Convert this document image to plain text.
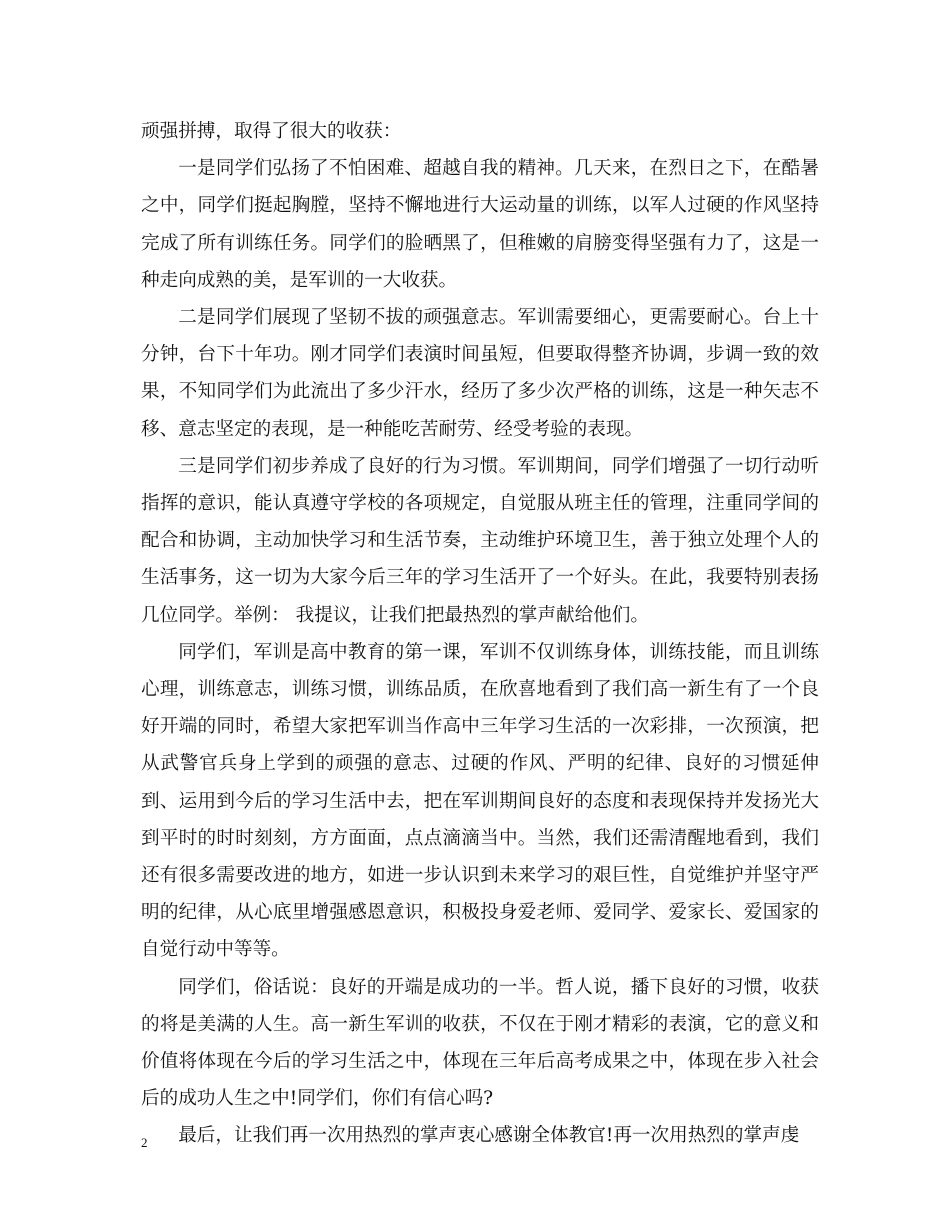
顽强拼搏，取得了很大的收获：

一是同学们弘扬了不怕困难、超越自我的精神。几天来，在烈日之下，在酷暑之中，同学们挺起胸膛，坚持不懈地进行大运动量的训练，以军人过硬的作风坚持完成了所有训练任务。同学们的脸晒黑了，但稚嫩的肩膀变得坚强有力了，这是一种走向成熟的美，是军训的一大收获。

二是同学们展现了坚韧不拔的顽强意志。军训需要细心，更需要耐心。台上十分钟，台下十年功。刚才同学们表演时间虽短，但要取得整齐协调，步调一致的效果，不知同学们为此流出了多少汗水，经历了多少次严格的训练，这是一种矢志不移、意志坚定的表现，是一种能吃苦耐劳、经受考验的表现。

三是同学们初步养成了良好的行为习惯。军训期间，同学们增强了一切行动听指挥的意识，能认真遵守学校的各项规定，自觉服从班主任的管理，注重同学间的配合和协调，主动加快学习和生活节奏，主动维护环境卫生，善于独立处理个人的生活事务，这一切为大家今后三年的学习生活开了一个好头。在此，我要特别表扬几位同学。举例： 我提议，让我们把最热烈的掌声献给他们。

同学们，军训是高中教育的第一课，军训不仅训练身体，训练技能，而且训练心理，训练意志，训练习惯，训练品质，在欣喜地看到了我们高一新生有了一个良好开端的同时，希望大家把军训当作高中三年学习生活的一次彩排，一次预演，把从武警官兵身上学到的顽强的意志、过硬的作风、严明的纪律、良好的习惯延伸到、运用到今后的学习生活中去，把在军训期间良好的态度和表现保持并发扬光大到平时的时时刻刻，方方面面，点点滴滴当中。当然，我们还需清醒地看到，我们还有很多需要改进的地方，如进一步认识到未来学习的艰巨性，自觉维护并坚守严明的纪律，从心底里增强感恩意识，积极投身爱老师、爱同学、爱家长、爱国家的自觉行动中等等。

同学们，俗话说：良好的开端是成功的一半。哲人说，播下良好的习惯，收获的将是美满的人生。高一新生军训的收获，不仅在于刚才精彩的表演，它的意义和价值将体现在今后的学习生活之中，体现在三年后高考成果之中，体现在步入社会后的成功人生之中!同学们，你们有信心吗?

最后，让我们再一次用热烈的掌声衷心感谢全体教官!再一次用热烈的掌声虔

2
